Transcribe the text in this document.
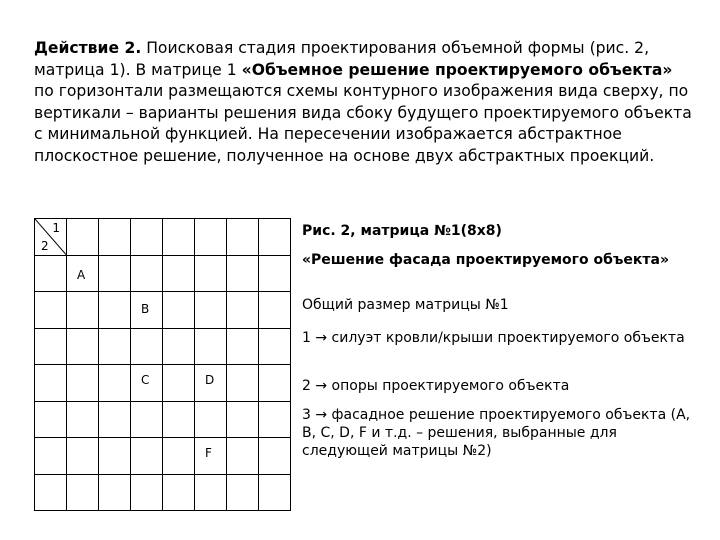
Действие 2. Поисковая стадия проектирования объемной формы (рис. 2, матрица 1). В матрице 1 «Объемное решение проектируемого объекта» по горизонтали размещаются схемы контурного изображения вида сверху, по вертикали – варианты решения вида сбоку будущего проектируемого объекта с минимальной функцией. На пересечении изображается абстрактное плоскостное решение, полученное на основе двух абстрактных проекций.
1
2
A
B
C	D
F
Рис. 2, матрица №1(8х8)
«Решение фасада проектируемого объекта»
Общий размер матрицы №1
1 → силуэт кровли/крыши проектируемого объекта
2 → опоры проектируемого объекта
3 → фасадное решение проектируемого объекта (A, B, C, D, F и т.д. – решения, выбранные для следующей матрицы №2)
